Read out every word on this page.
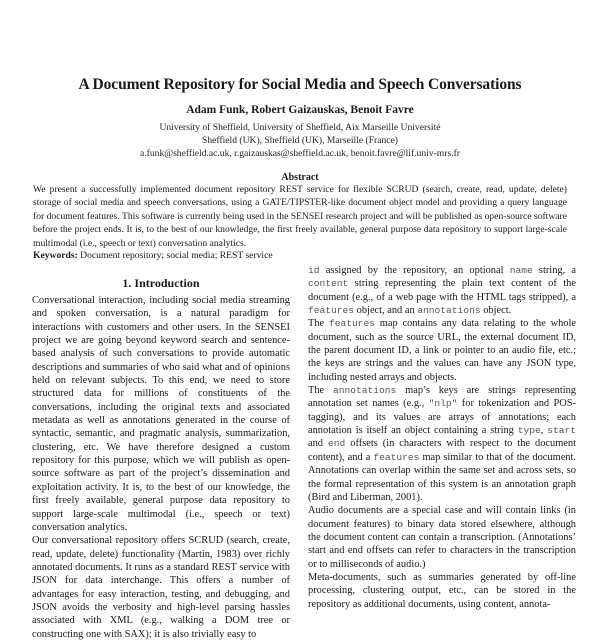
A Document Repository for Social Media and Speech Conversations
Adam Funk, Robert Gaizauskas, Benoit Favre
University of Sheffield, University of Sheffield, Aix Marseille Université
Sheffield (UK), Sheffield (UK), Marseille (France)
a.funk@sheffield.ac.uk, r.gaizauskas@sheffield.ac.uk, benoit.favre@lif.univ-mrs.fr
Abstract
We present a successfully implemented document repository REST service for flexible SCRUD (search, create, read, update, delete) storage of social media and speech conversations, using a GATE/TIPSTER-like document object model and providing a query language for document features. This software is currently being used in the SENSEI research project and will be published as open-source software before the project ends. It is, to the best of our knowledge, the first freely available, general purpose data repository to support large-scale multimodal (i.e., speech or text) conversation analytics.
Keywords: Document repository; social media; REST service
1. Introduction

Conversational interaction, including social media streaming and spoken conversation, is a natural paradigm for interactions with customers and other users. In the SENSEI project we are going beyond keyword search and sentence-based analysis of such conversations to provide automatic descriptions and summaries of who said what and of opinions held on relevant subjects. To this end, we need to store structured data for millions of constituents of the conversations, including the original texts and associated metadata as well as annotations generated in the course of syntactic, semantic, and pragmatic analysis, summarization, clustering, etc. We have therefore designed a custom repository for this purpose, which we will publish as open-source software as part of the project’s dissemination and exploitation activity. It is, to the best of our knowledge, the first freely available, general purpose data repository to support large-scale multimodal (i.e., speech or text) conversation analytics.

Our conversational repository offers SCRUD (search, create, read, update, delete) functionality (Martin, 1983) over richly annotated documents. It runs as a standard REST service with JSON for data interchange. This offers a number of advantages for easy interaction, testing, and debugging, and JSON avoids the verbosity and high-level parsing hassles associated with XML (e.g., walking a DOM tree or constructing one with SAX); it is also trivially easy to

id assigned by the repository, an optional name string, a content string representing the plain text content of the document (e.g., of a web page with the HTML tags stripped), a features object, and an annotations object.

The features map contains any data relating to the whole document, such as the source URL, the external document ID, the parent document ID, a link or pointer to an audio file, etc.; the keys are strings and the values can have any JSON type, including nested arrays and objects.

The annotations map’s keys are strings representing annotation set names (e.g., "nlp" for tokenization and POS-tagging), and its values are arrays of annotations; each annotation is itself an object containing a string type, start and end offsets (in characters with respect to the document content), and a features map similar to that of the document. Annotations can overlap within the same set and across sets, so the formal representation of this system is an annotation graph (Bird and Liberman, 2001).

Audio documents are a special case and will contain links (in document features) to binary data stored elsewhere, although the document content can contain a transcription. (Annotations’ start and end offsets can refer to characters in the transcription or to milliseconds of audio.)

Meta-documents, such as summaries generated by off-line processing, clustering output, etc., can be stored in the repository as additional documents, using content, annota-
